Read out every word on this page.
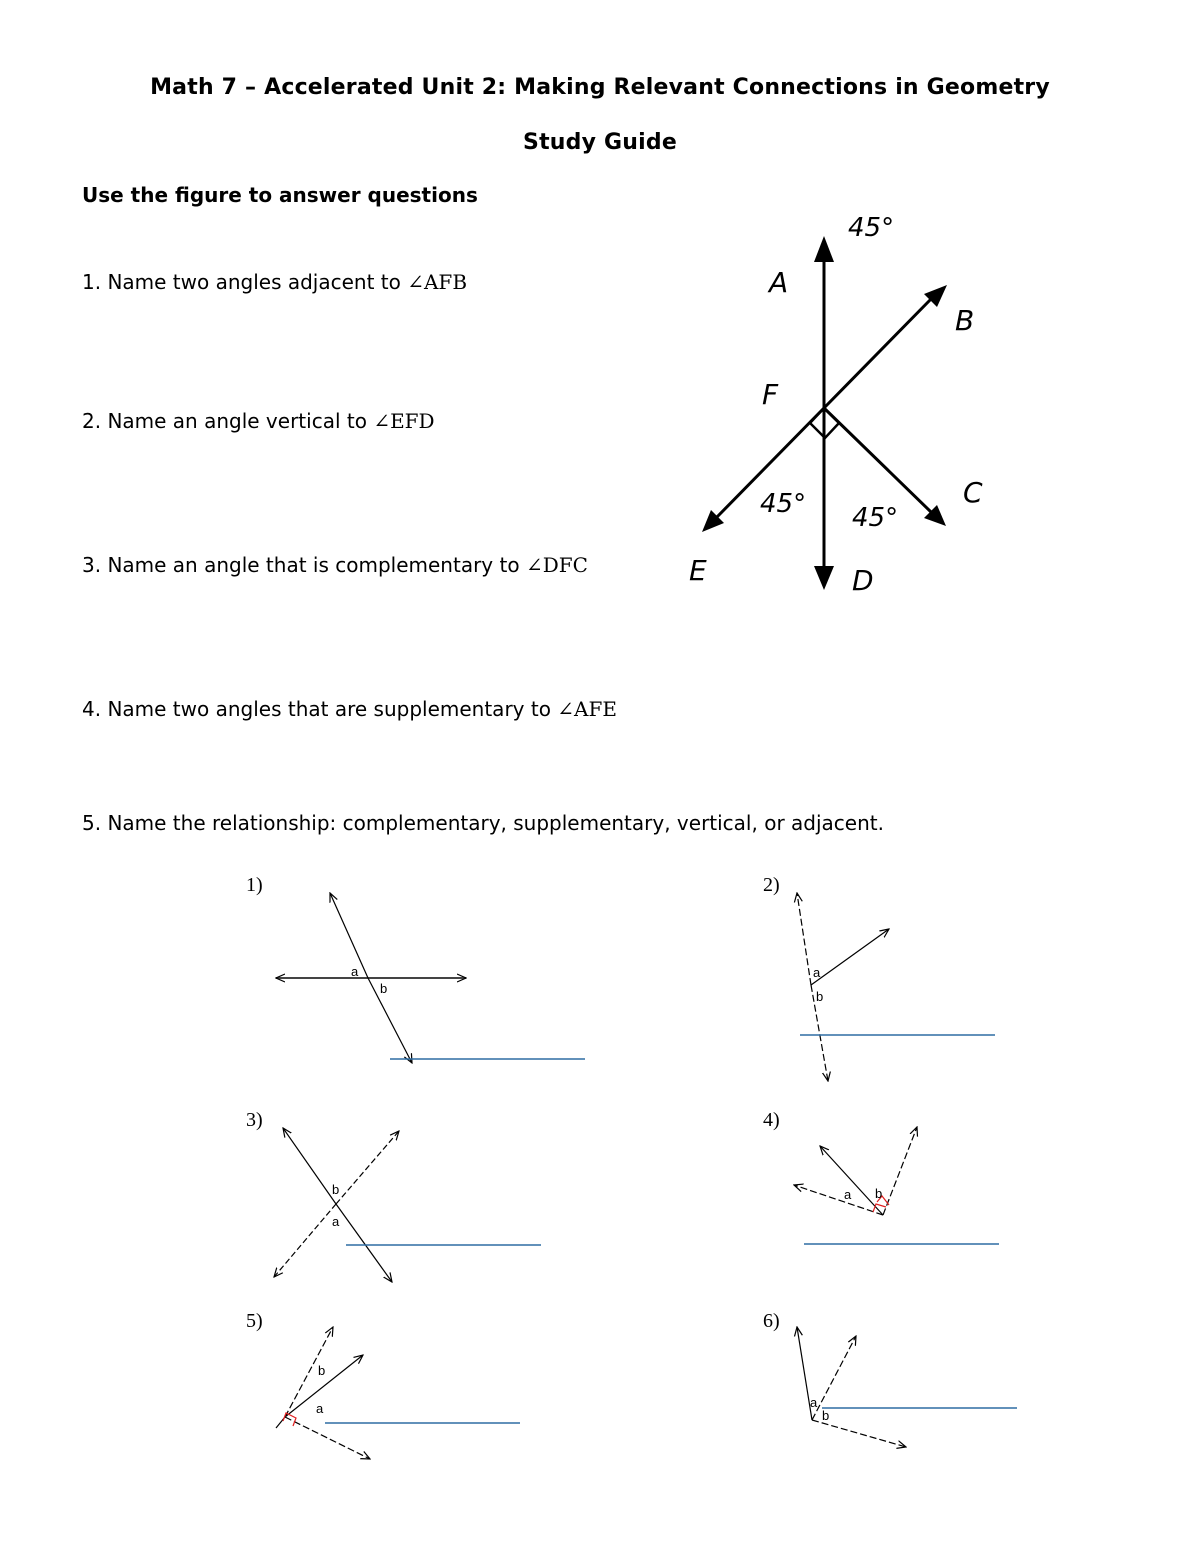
Math 7 – Accelerated Unit 2: Making Relevant Connections in Geometry
Study Guide
Use the figure to answer questions
1. Name two angles adjacent to ∠AFB
2. Name an angle vertical to ∠EFD
3. Name an angle that is complementary to ∠DFC
4. Name two angles that are supplementary to ∠AFE
5. Name the relationship: complementary, supplementary, vertical, or adjacent.
A
B
C
D
E
F
45°
45° 45°
1)	2)
3)	4)
5)	6)
a
b
a
b
b
a
a b
b
a	a
b
